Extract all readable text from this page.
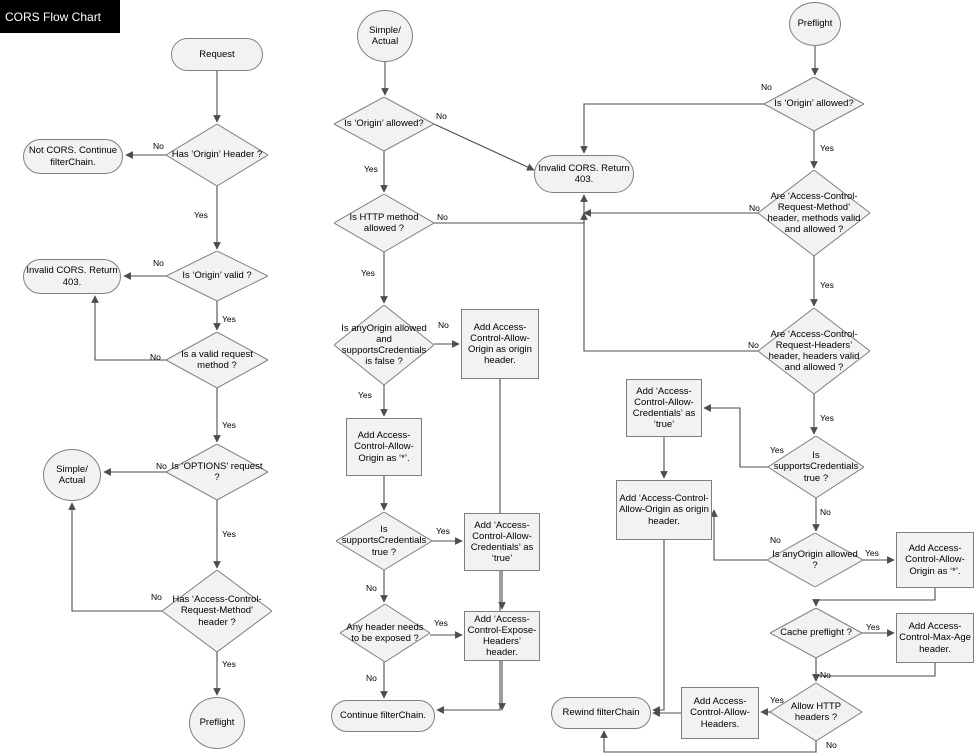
CORS Flow Chart
Request
Has ‘Origin’ Header ?
Not CORS. Continue filterChain.
Is ‘Origin’ valid ?
Invalid CORS. Return 403.
Is a valid request method ?
Is ‘OPTIONS’ request ?
Simple/ Actual
Has ‘Access-Control-Request-Method’ header ?
Preflight
Simple/ Actual
Is ‘Origin’ allowed?
Invalid CORS. Return 403.
Is HTTP method allowed ?
Is anyOrigin allowed and supportsCredentials is false ?
Add Access-Control-Allow-Origin as origin header.
Add Access-Control-Allow-Origin as ‘*’.
Is supportsCredentials true ?
Add ‘Access-Control-Allow-Credentials’ as ‘true’
Any header needs to be exposed ?
Add ‘Access-Control-Expose-Headers’ header.
Continue filterChain.
Preflight
Is ‘Origin’ allowed?
Are ‘Access-Control-Request-Method’ header, methods valid and allowed ?
Are ‘Access-Control-Request-Headers’ header, headers valid and allowed ?
Is supportsCredentials true ?
Add ‘Access-Control-Allow-Credentials’ as ‘true’
Add ‘Access-Control-Allow-Origin as origin header.
Is anyOrigin allowed ?
Add Access-Control-Allow-Origin as ‘*’.
Cache preflight ?
Add Access-Control-Max-Age header.
Allow HTTP headers ?
Add Access-Control-Allow-Headers.
Rewind filterChain
No
Yes
No
Yes
No
Yes
No
Yes
No
Yes
No
Yes
No
Yes
No
Yes
Yes
No
Yes
No
No
Yes
No
Yes
No
Yes
Yes
No
No
Yes
Yes
No
Yes
No
